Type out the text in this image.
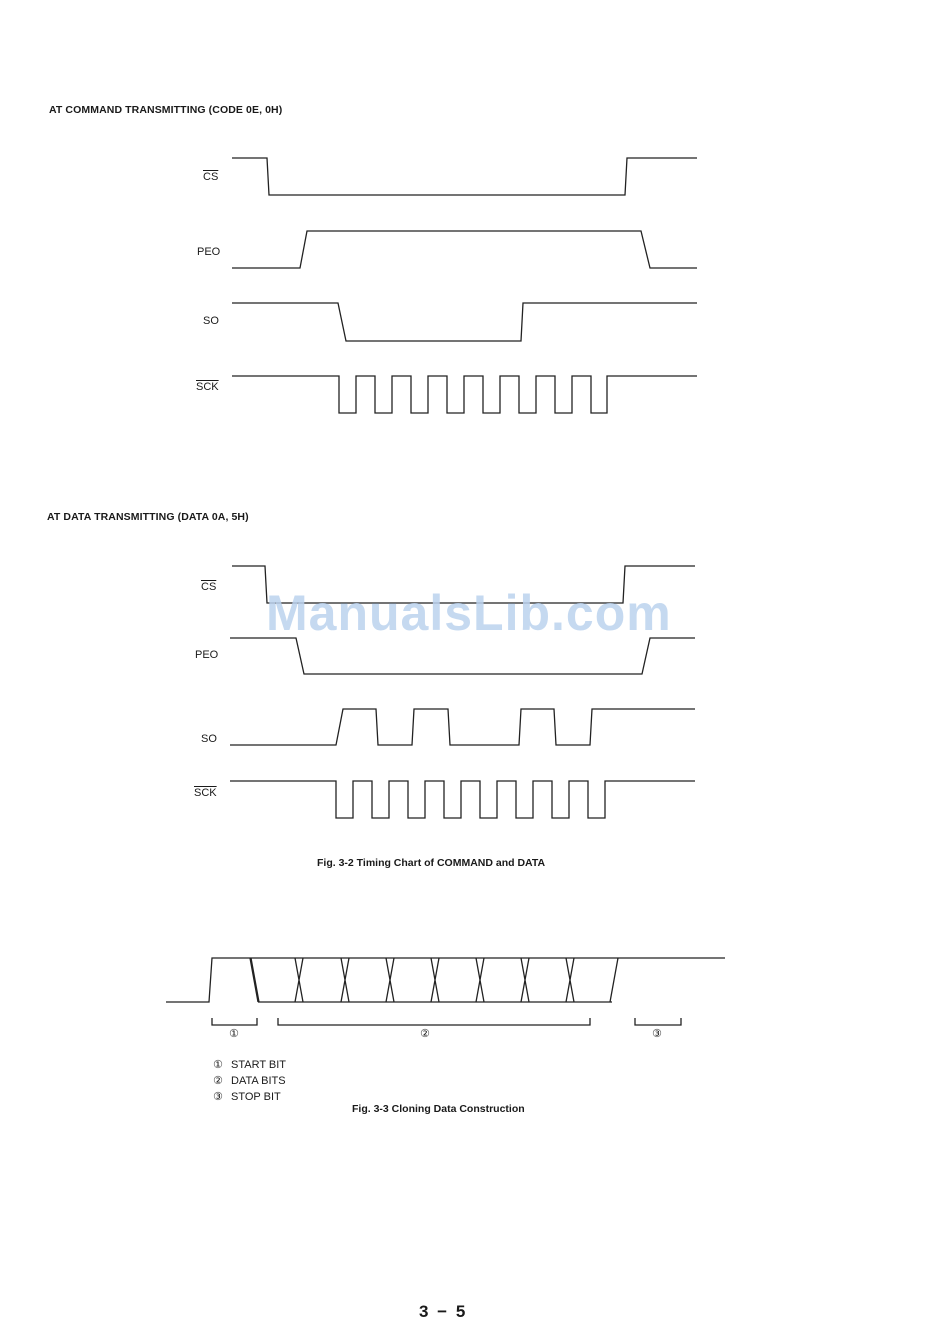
AT COMMAND TRANSMITTING (CODE 0E, 0H)
$\overline{CS}$
PEO
SO
$\overline{SCK}$
AT DATA TRANSMITTING (DATA 0A, 5H)
$\overline{CS}$
PEO
SO
$\overline{SCK}$
ManualsLib.com
Fig. 3-2 Timing Chart of COMMAND and DATA
①	②	③
① START BIT
② DATA BITS
③ STOP BIT
Fig. 3-3 Cloning Data Construction
3 − 5
